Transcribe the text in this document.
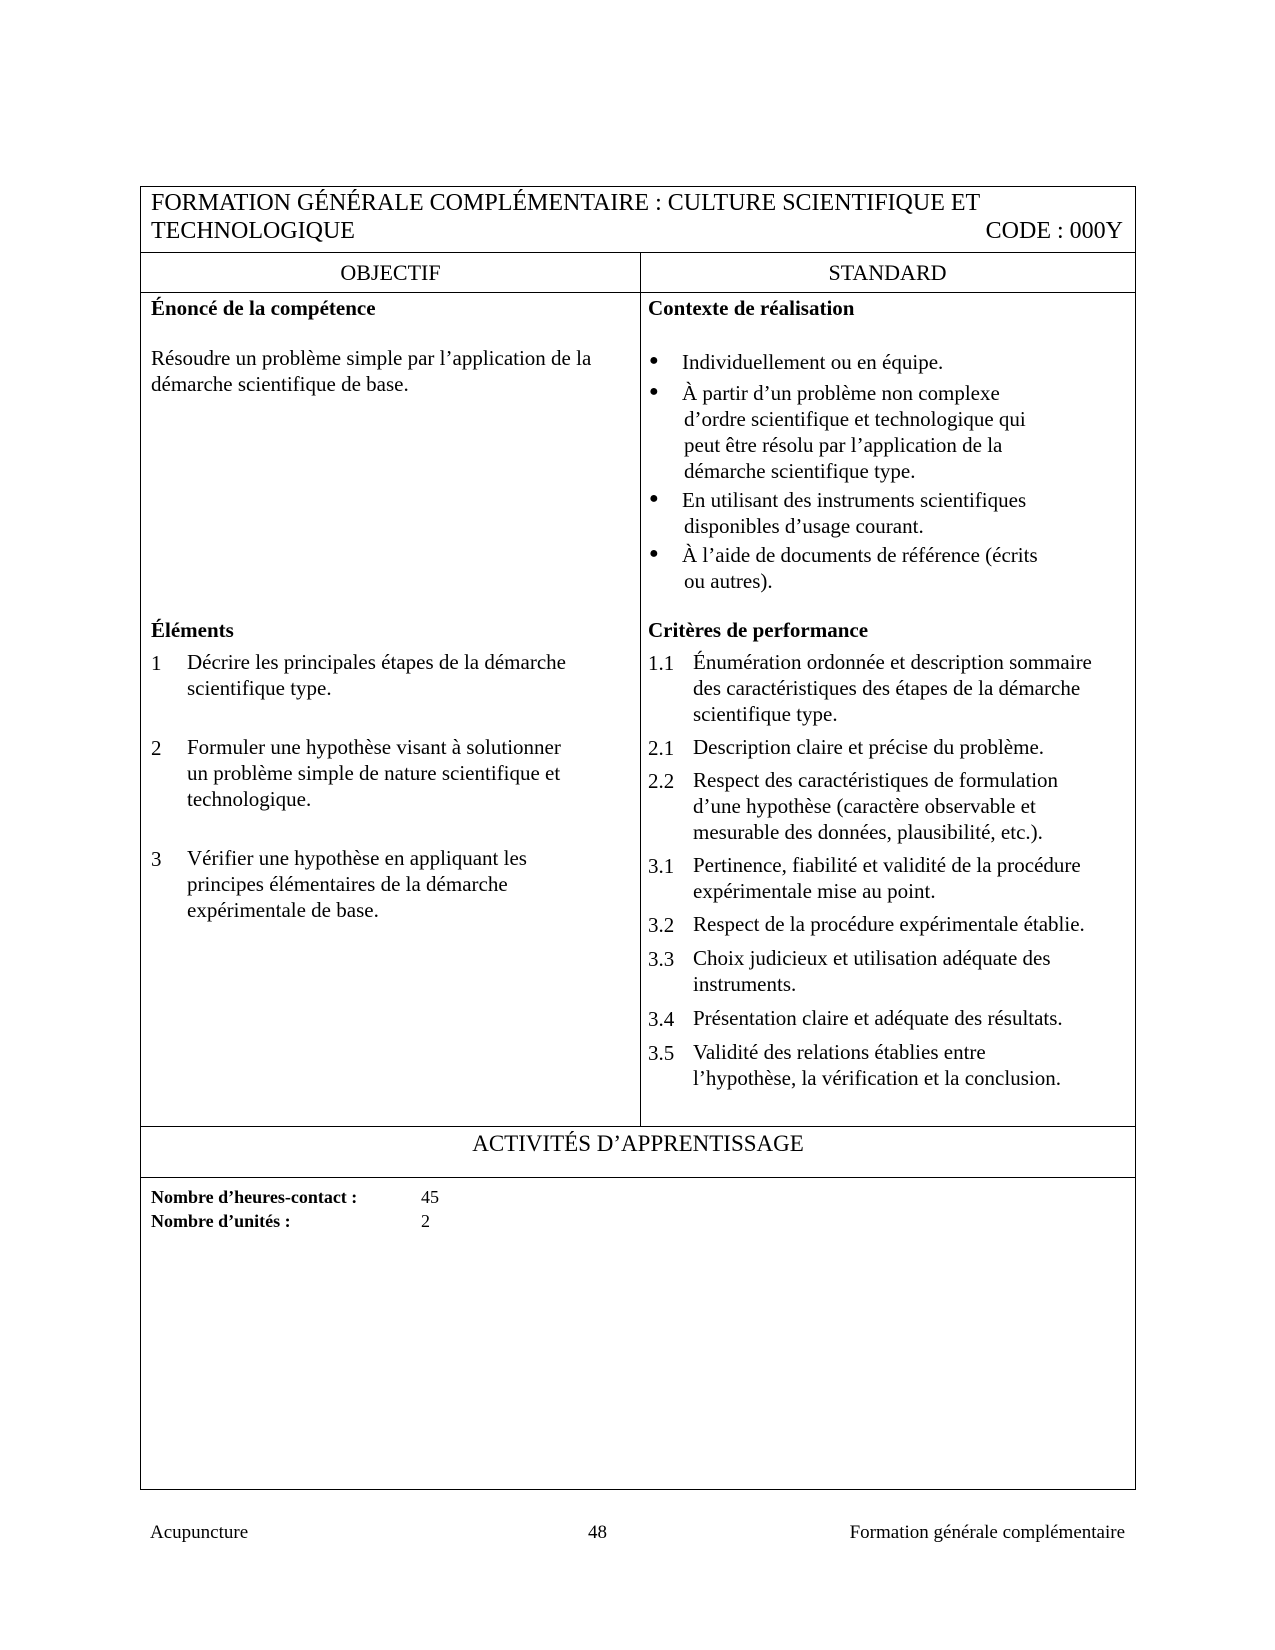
FORMATION GÉNÉRALE COMPLÉMENTAIRE : CULTURE SCIENTIFIQUE ET
TECHNOLOGIQUE	CODE : 000Y
OBJECTIF	STANDARD
Énoncé de la compétence
Résoudre un problème simple par l’application de la
démarche scientifique de base.
Éléments
1 Décrire les principales étapes de la démarche
scientifique type.
2 Formuler une hypothèse visant à solutionner
un problème simple de nature scientifique et
technologique.
3 Vérifier une hypothèse en appliquant les
principes élémentaires de la démarche
expérimentale de base.
Contexte de réalisation
● Individuellement ou en équipe.
● À partir d’un problème non complexe
d’ordre scientifique et technologique qui
peut être résolu par l’application de la
démarche scientifique type.
● En utilisant des instruments scientifiques
disponibles d’usage courant.
● À l’aide de documents de référence (écrits
ou autres).
Critères de performance
1.1 Énumération ordonnée et description sommaire
des caractéristiques des étapes de la démarche
scientifique type.
2.1 Description claire et précise du problème.
2.2 Respect des caractéristiques de formulation
d’une hypothèse (caractère observable et
mesurable des données, plausibilité, etc.).
3.1 Pertinence, fiabilité et validité de la procédure
expérimentale mise au point.
3.2 Respect de la procédure expérimentale établie.
3.3 Choix judicieux et utilisation adéquate des
instruments.
3.4 Présentation claire et adéquate des résultats.
3.5 Validité des relations établies entre
l’hypothèse, la vérification et la conclusion.
ACTIVITÉS D’APPRENTISSAGE
Nombre d’heures-contact :	45
Nombre d’unités :	2
Acupuncture	48	Formation générale complémentaire
